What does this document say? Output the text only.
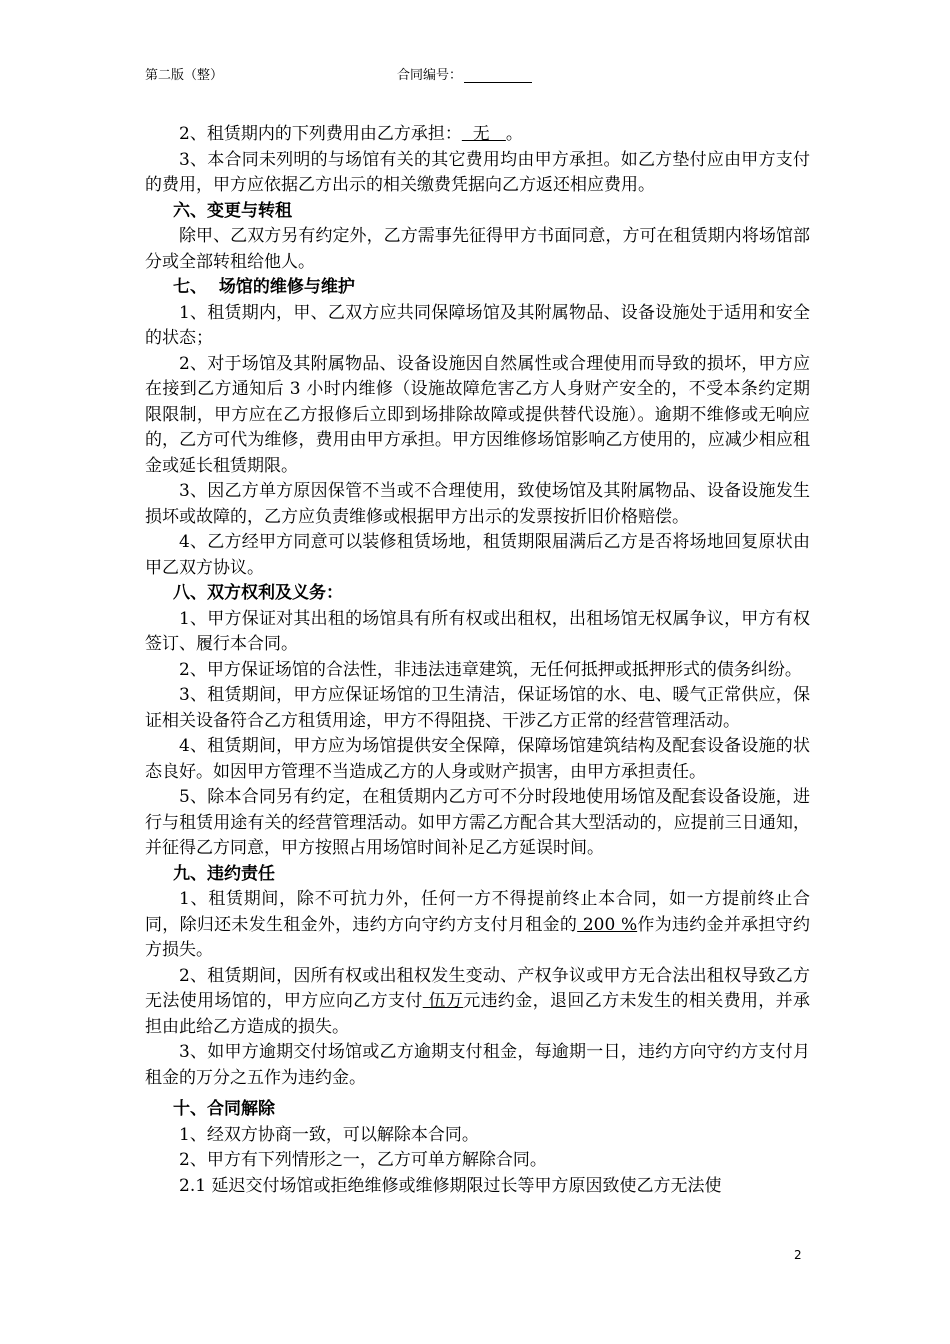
第二版（整）	合同编号：

2、租赁期内的下列费用由乙方承担：  无   。

3、本合同未列明的与场馆有关的其它费用均由甲方承担。如乙方垫付应由甲方支付的费用，甲方应依据乙方出示的相关缴费凭据向乙方返还相应费用。

六、变更与转租

除甲、乙双方另有约定外，乙方需事先征得甲方书面同意，方可在租赁期内将场馆部分或全部转租给他人。

七、  场馆的维修与维护

1、租赁期内，甲、乙双方应共同保障场馆及其附属物品、设备设施处于适用和安全的状态；

2、对于场馆及其附属物品、设备设施因自然属性或合理使用而导致的损坏，甲方应在接到乙方通知后 3 小时内维修（设施故障危害乙方人身财产安全的，不受本条约定期限限制，甲方应在乙方报修后立即到场排除故障或提供替代设施）。逾期不维修或无响应的，乙方可代为维修，费用由甲方承担。甲方因维修场馆影响乙方使用的，应减少相应租金或延长租赁期限。

3、因乙方单方原因保管不当或不合理使用，致使场馆及其附属物品、设备设施发生损坏或故障的，乙方应负责维修或根据甲方出示的发票按折旧价格赔偿。

4、乙方经甲方同意可以装修租赁场地，租赁期限届满后乙方是否将场地回复原状由甲乙双方协议。

八、双方权利及义务：

1、甲方保证对其出租的场馆具有所有权或出租权，出租场馆无权属争议，甲方有权签订、履行本合同。

2、甲方保证场馆的合法性，非违法违章建筑，无任何抵押或抵押形式的债务纠纷。

3、租赁期间，甲方应保证场馆的卫生清洁，保证场馆的水、电、暖气正常供应，保证相关设备符合乙方租赁用途，甲方不得阻挠、干涉乙方正常的经营管理活动。

4、租赁期间，甲方应为场馆提供安全保障，保障场馆建筑结构及配套设备设施的状态良好。如因甲方管理不当造成乙方的人身或财产损害，由甲方承担责任。

5、除本合同另有约定，在租赁期内乙方可不分时段地使用场馆及配套设备设施，进行与租赁用途有关的经营管理活动。如甲方需乙方配合其大型活动的，应提前三日通知，并征得乙方同意，甲方按照占用场馆时间补足乙方延误时间。

九、违约责任

1、租赁期间，除不可抗力外，任何一方不得提前终止本合同，如一方提前终止合同，除归还未发生租金外，违约方向守约方支付月租金的 200 %作为违约金并承担守约方损失。

2、租赁期间，因所有权或出租权发生变动、产权争议或甲方无合法出租权导致乙方无法使用场馆的，甲方应向乙方支付 伍万元违约金，退回乙方未发生的相关费用，并承担由此给乙方造成的损失。

3、如甲方逾期交付场馆或乙方逾期支付租金，每逾期一日，违约方向守约方支付月租金的万分之五作为违约金。

十、合同解除

1、经双方协商一致，可以解除本合同。

2、甲方有下列情形之一，乙方可单方解除合同。

2.1 延迟交付场馆或拒绝维修或维修期限过长等甲方原因致使乙方无法使

2
